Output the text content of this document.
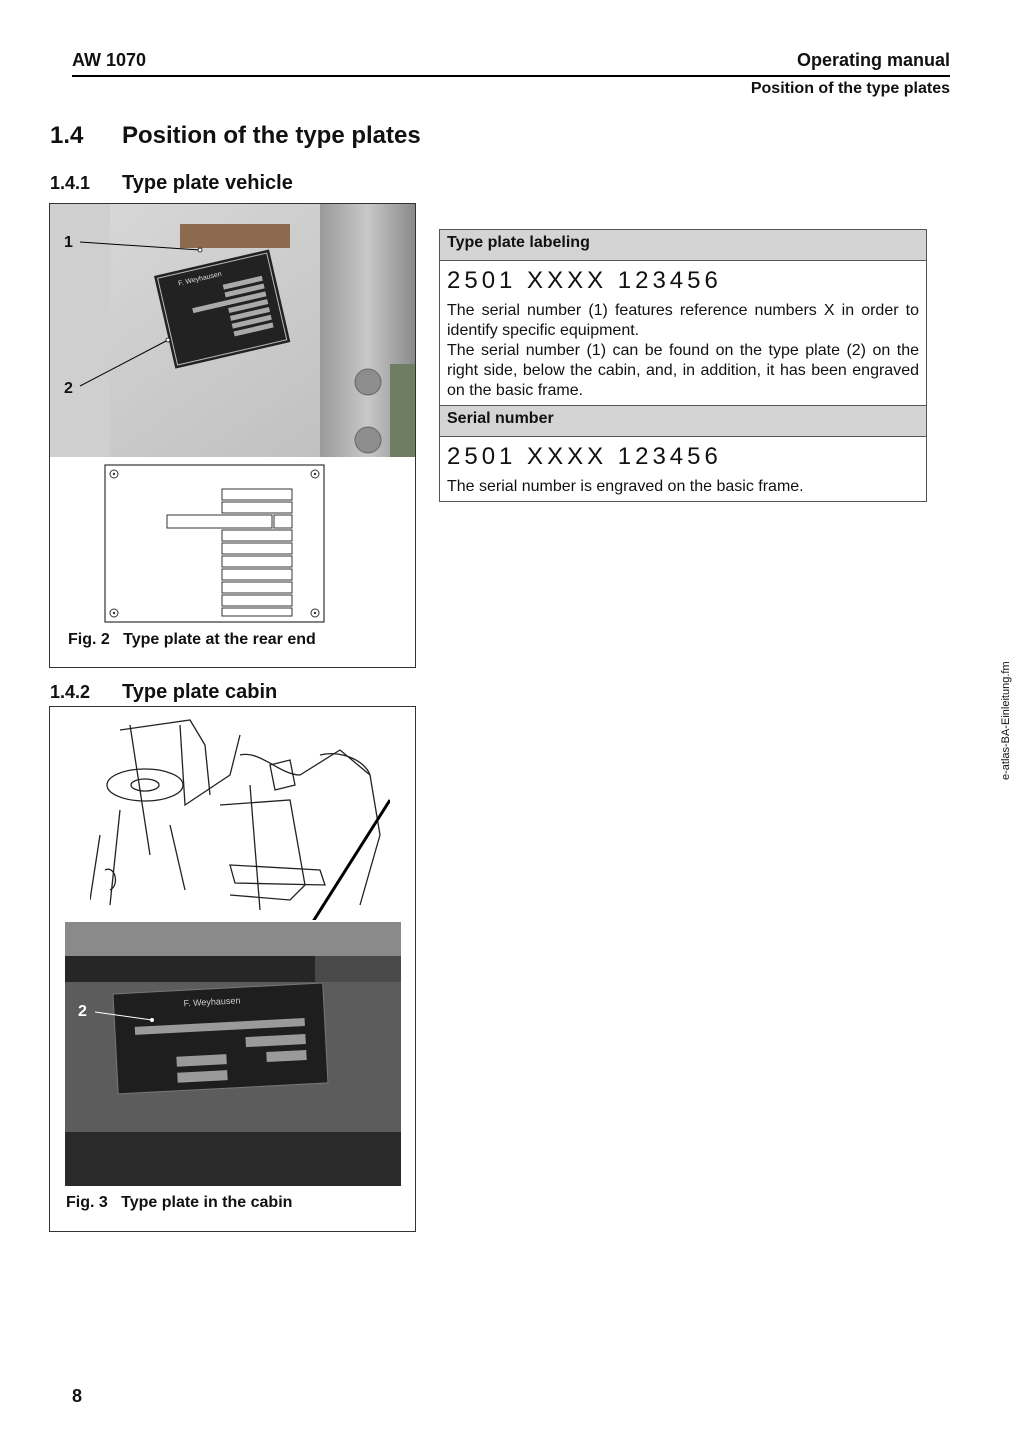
AW 1070	Operating manual
Position of the type plates
1.4 Position of the type plates
1.4.1 Type plate vehicle
F. Weyhausen
1
2
Fig. 2 Type plate at the rear end
Type plate labeling

2501 XXXX 123456
The serial number (1) features reference numbers X in order to identify specific equipment.
The serial number (1) can be found on the type plate (2) on the right side, below the cabin, and, in addition, it has been engraved on the basic frame.

Serial number

2501 XXXX 123456
The serial number is engraved on the basic frame.
1.4.2 Type plate cabin
F. Weyhausen
2
Fig. 3 Type plate in the cabin
e-atlas-BA-Einleitung.fm
8
